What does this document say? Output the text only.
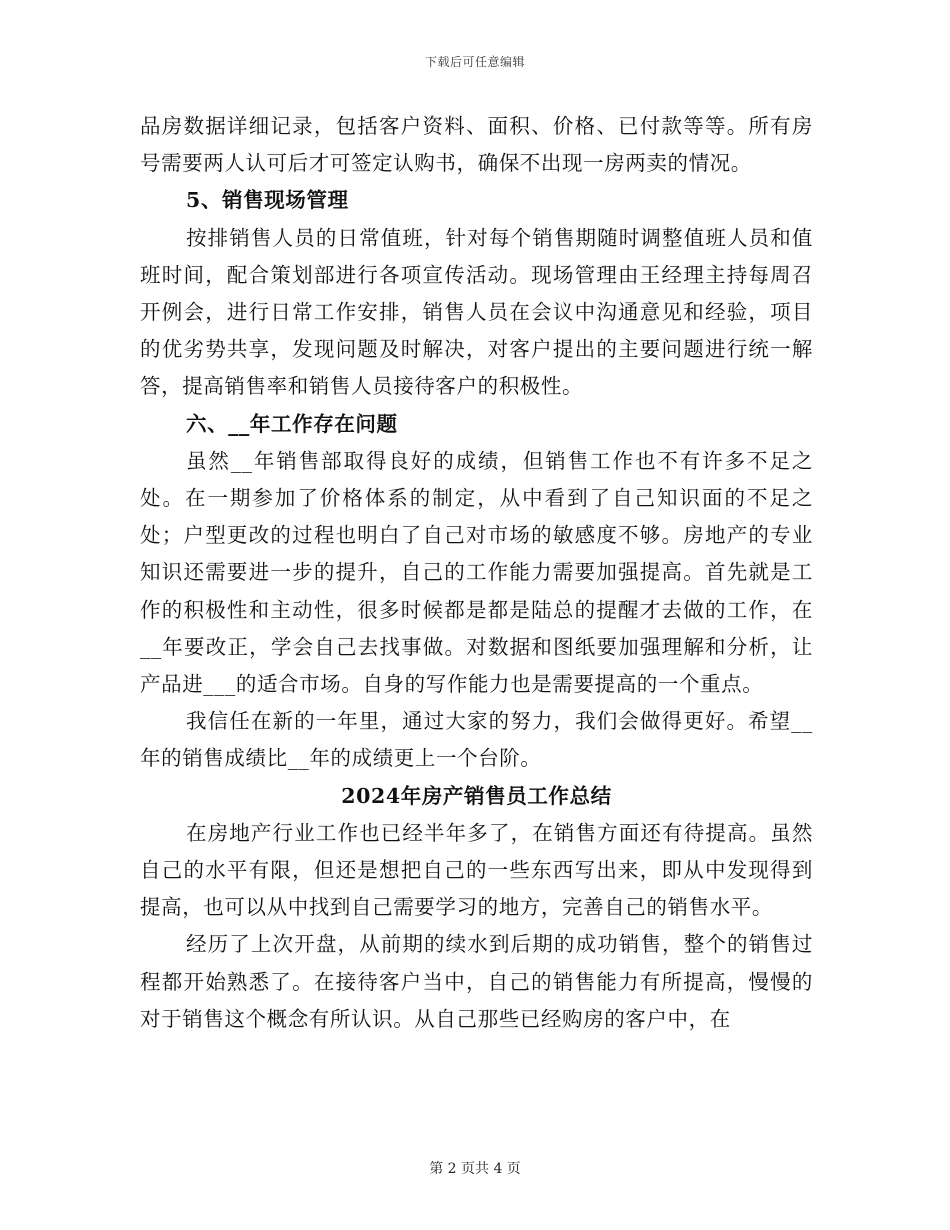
下载后可任意编辑

品房数据详细记录，包括客户资料、面积、价格、已付款等等。所有房号需要两人认可后才可签定认购书，确保不出现一房两卖的情况。

5、销售现场管理

按排销售人员的日常值班，针对每个销售期随时调整值班人员和值班时间，配合策划部进行各项宣传活动。现场管理由王经理主持每周召开例会，进行日常工作安排，销售人员在会议中沟通意见和经验，项目的优劣势共享，发现问题及时解决，对客户提出的主要问题进行统一解答，提高销售率和销售人员接待客户的积极性。

六、__年工作存在问题

虽然__年销售部取得良好的成绩，但销售工作也不有许多不足之处。在一期参加了价格体系的制定，从中看到了自己知识面的不足之处；户型更改的过程也明白了自己对市场的敏感度不够。房地产的专业知识还需要进一步的提升，自己的工作能力需要加强提高。首先就是工作的积极性和主动性，很多时候都是都是陆总的提醒才去做的工作，在__年要改正，学会自己去找事做。对数据和图纸要加强理解和分析，让产品进___的适合市场。自身的写作能力也是需要提高的一个重点。

我信任在新的一年里，通过大家的努力，我们会做得更好。希望__年的销售成绩比__年的成绩更上一个台阶。

2024年房产销售员工作总结

在房地产行业工作也已经半年多了，在销售方面还有待提高。虽然自己的水平有限，但还是想把自己的一些东西写出来，即从中发现得到提高，也可以从中找到自己需要学习的地方，完善自己的销售水平。

经历了上次开盘，从前期的续水到后期的成功销售，整个的销售过程都开始熟悉了。在接待客户当中，自己的销售能力有所提高，慢慢的对于销售这个概念有所认识。从自己那些已经购房的客户中，在

第 2 页共 4 页
